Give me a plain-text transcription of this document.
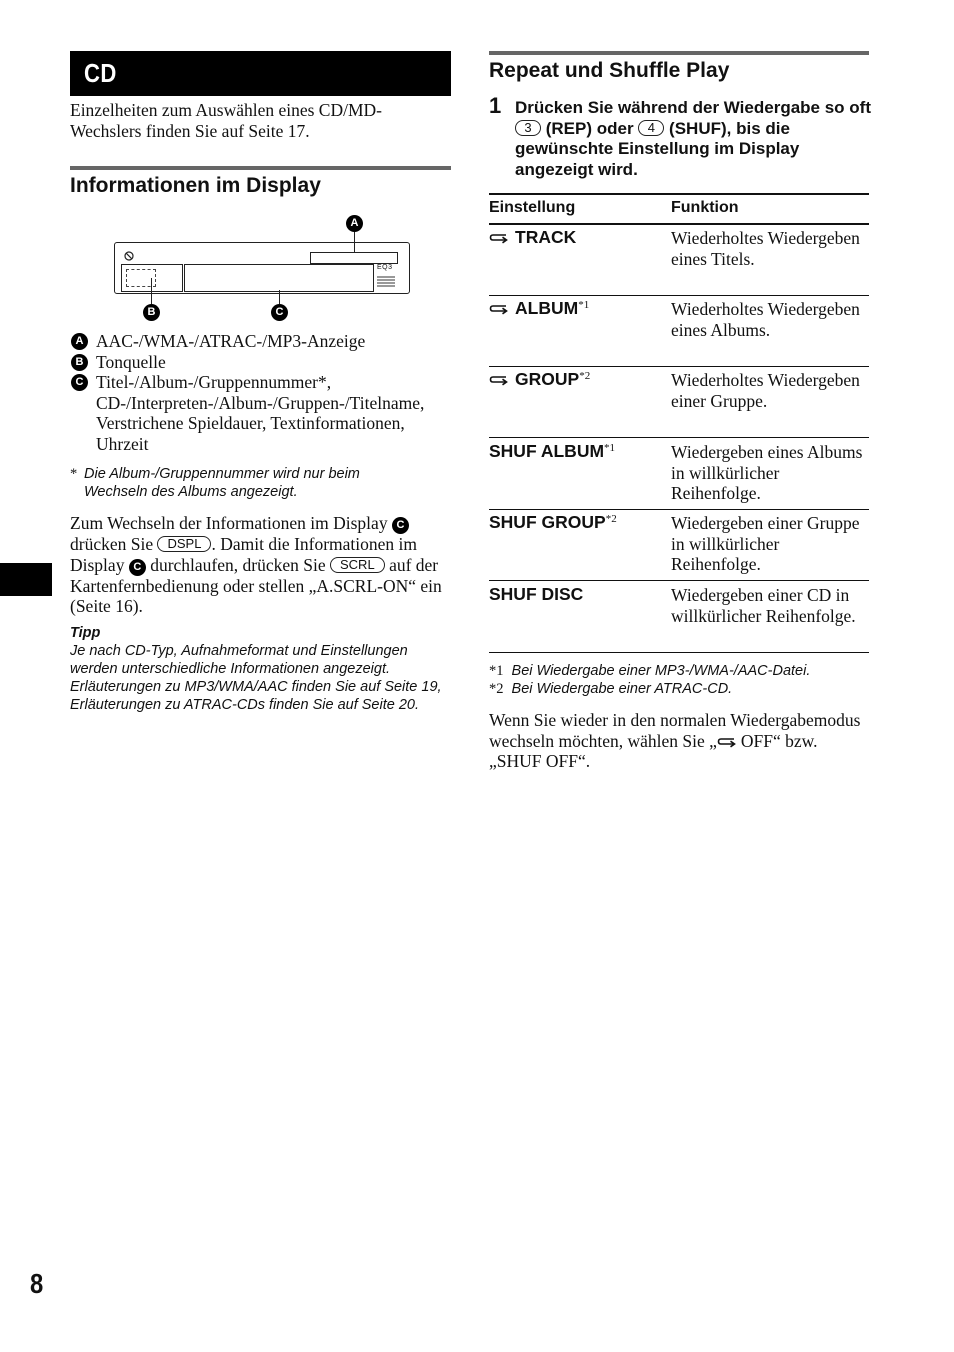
CD
Einzelheiten zum Auswählen eines CD/MD-Wechslers finden Sie auf Seite 17.
Informationen im Display
EQ3
A
B	C
A AAC-/WMA-/ATRAC-/MP3-Anzeige
B Tonquelle
C Titel-/Album-/Gruppennummer*, CD-/Interpreten-/Album-/Gruppen-/Titelname, Verstrichene Spieldauer, Textinformationen, Uhrzeit
* Die Album-/Gruppennummer wird nur beim Wechseln des Albums angezeigt.
Zum Wechseln der Informationen im Display C drücken Sie DSPL . Damit die Informationen im Display C durchlaufen, drücken Sie SCRL auf der Kartenfernbedienung oder stellen „A.SCRL-ON“ ein (Seite 16).
Tipp
Je nach CD-Typ, Aufnahmeformat und Einstellungen werden unterschiedliche Informationen angezeigt. Erläuterungen zu MP3/WMA/AAC finden Sie auf Seite 19, Erläuterungen zu ATRAC-CDs finden Sie auf Seite 20.
Repeat und Shuffle Play
1 Drücken Sie während der Wiedergabe so oft 3 (REP) oder 4 (SHUF), bis die gewünschte Einstellung im Display angezeigt wird.
Einstellung	Funktion
TRACK	Wiederholtes Wiedergeben eines Titels.
ALBUM$^{*1}$	Wiederholtes Wiedergeben eines Albums.
GROUP$^{*2}$	Wiederholtes Wiedergeben einer Gruppe.
SHUF ALBUM$^{*1}$	Wiedergeben eines Albums in willkürlicher Reihenfolge.
SHUF GROUP$^{*2}$	Wiedergeben einer Gruppe in willkürlicher Reihenfolge.
SHUF DISC	Wiedergeben einer CD in willkürlicher Reihenfolge.
*1 Bei Wiedergabe einer MP3-/WMA-/AAC-Datei.
*2 Bei Wiedergabe einer ATRAC-CD.
Wenn Sie wieder in den normalen Wiedergabemodus wechseln möchten, wählen Sie „ OFF“ bzw. „SHUF OFF“.
8
